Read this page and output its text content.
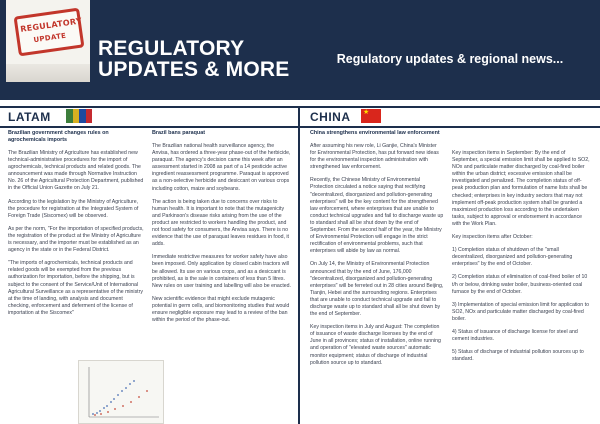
REGULATORY
UPDATE	REGULATORY
UPDATES & MORE	Regulatory updates & regional news...
LATAM
Brazilian government changes rules on agrochemicals imports

The Brazilian Ministry of Agriculture has established new technical-administrative procedures for the import of agrochemicals, technical products and related goods. The announcement was made through Normative Instruction No. 26 of the Agricultural Protection Department, published in the Official Union Gazette on July 21.

According to the legislation by the Ministry of Agriculture, the procedure for registration at the Integrated System of Foreign Trade (Siscomex) will be observed.

As per the norm, "For the importation of specified products, the registration of the product at the Ministry of Agriculture is necessary, and the importer must be established as an agency in the state or in the Federal District.

"The imports of agrochemicals, technical products and related goods will be exempted from the previous authorization for importation, before the shipping, but is subject to the consent of the Service/Unit of International Agricultural Surveillance as a representative of the ministry at the time of landing, with analysis and document checking, enforcement and deferment of the license of importation at the Siscomex"

Brazil bans paraquat

The Brazilian national health surveillance agency, the Anvisa, has ordered a three-year phase-out of the herbicide, paraquat. The agency's decision came this week after an assessment started in 2008 as part of a 14 pesticide active ingredient reassessment programme. Paraquat is approved as a non-selective herbicide and desiccant on various crops including cotton, maize and soybeans.

The action is being taken due to concerns over risks to human health. It is important to note that the mutagenicity and Parkinson's disease risks arising from the use of the product are restricted to workers handling the product, and not food safety for consumers, the Anvisa says. There is no evidence that the use of paraquat leaves residues in food, it adds.

Immediate restrictive measures for worker safety have also been imposed. Only application by closed cabin tractors will be allowed. Its use on various crops, and as a desiccant is prohibited, as is the sale in containers of less than 5 litres. New rules on user training and labelling will also be enacted.

New scientific evidence that might exclude mutagenic potential in germ cells, and biomonitoring studies that would ensure negligible exposure may lead to a review of the ban within the period of the phase-out.

CHINA ★
China strengthens environmental law enforcement

After assuming his new role, Li Ganjie, China's Minister for Environmental Protection, has put forward new ideas for the environmental inspection administration with strengthened law enforcement.

Recently, the Chinese Ministry of Environmental Protection circulated a notice saying that rectifying "decentralized, disorganized and pollution-generating enterprises" will be the key content for the strengthened law enforcement, where enterprises that are unable to conduct technical upgrades and fail to discharge waste up to standard shall all be shut down by the end of September. From the second half of the year, the Ministry of Environmental Protection will engage in the strict rectification of environmental problems, such that enterprises will abide by law as normal.

On July 14, the Ministry of Environmental Protection announced that by the end of June, 176,000 "decentralized, disorganized and pollution-generating enterprises" will be ferreted out in 28 cities around Beijing, Tianjin, Hebei and the surrounding regions. Enterprises that are unable to conduct technical upgrade and fail to discharge waste up to standard shall all be shut down by the end of September.

Key inspection items in July and August: The completion of issuance of waste discharge licenses by the end of June in all provinces; status of installation, online running and operation of "elevated waste sources" automatic monitor equipment; status of discharge of industrial pollution source up to standard.

Key inspection items in September: By the end of September, a special emission limit shall be applied to SO2, NOx and particulate matter discharged by coal-fired boiler within the urban district; excessive emission shall be investigated and penalized. The completion status of off-peak production plan and formulation of name lists shall be checked; enterprises in key industry sectors that may not implement off-peak production system shall be granted a maximized production loss according to the undertaken tasks, subject to approval or endorsement in accordance with the Work Plan.

Key inspection items after October:

1) Completion status of shutdown of the "small decentralized, disorganized and pollution-generating enterprises" by the end of October.

2) Completion status of elimination of coal-fired boiler of 10 t/h or below, drinking water boiler, business-oriented coal furnace by the end of October.

3) Implementation of special emission limit for application to SO2, NOx and particulate matter discharged by coal-fired boiler.

4) Status of issuance of discharge license for steel and cement industries.

5) Status of discharge of industrial pollution sources up to standard.
